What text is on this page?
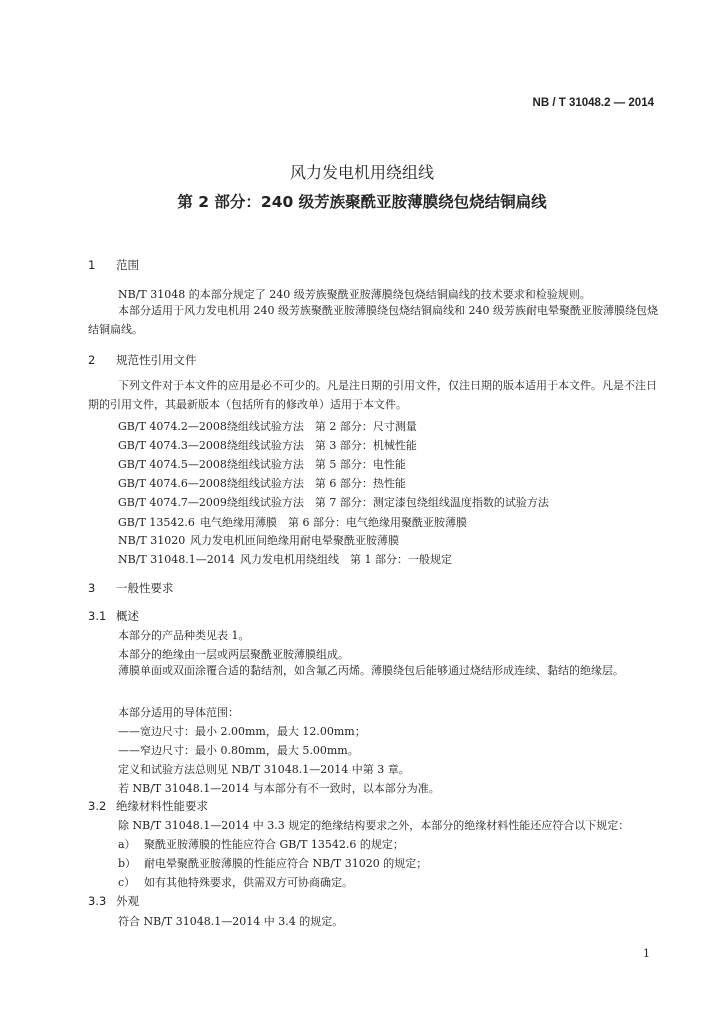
NB / T 31048.2 — 2014

风力发电机用绕组线

第 2 部分：240 级芳族聚酰亚胺薄膜绕包烧结铜扁线

1 范围

NB/T 31048 的本部分规定了 240 级芳族聚酰亚胺薄膜绕包烧结铜扁线的技术要求和检验规则。

本部分适用于风力发电机用 240 级芳族聚酰亚胺薄膜绕包烧结铜扁线和 240 级芳族耐电晕聚酰亚胺薄膜绕包烧结铜扁线。

2 规范性引用文件

下列文件对于本文件的应用是必不可少的。凡是注日期的引用文件，仅注日期的版本适用于本文件。凡是不注日期的引用文件，其最新版本（包括所有的修改单）适用于本文件。

GB/T 4074.2—2008绕组线试验方法　第 2 部分：尺寸测量

GB/T 4074.3—2008绕组线试验方法　第 3 部分：机械性能

GB/T 4074.5—2008绕组线试验方法　第 5 部分：电性能

GB/T 4074.6—2008绕组线试验方法　第 6 部分：热性能

GB/T 4074.7—2009绕组线试验方法　第 7 部分：测定漆包绕组线温度指数的试验方法

GB/T 13542.6 电气绝缘用薄膜　第 6 部分：电气绝缘用聚酰亚胺薄膜

NB/T 31020 风力发电机匝间绝缘用耐电晕聚酰亚胺薄膜

NB/T 31048.1—2014 风力发电机用绕组线　第 1 部分：一般规定

3 一般性要求

3.1 概述

本部分的产品种类见表 1。

本部分的绝缘由一层或两层聚酰亚胺薄膜组成。

薄膜单面或双面涂覆合适的黏结剂，如含氟乙丙烯。薄膜绕包后能够通过烧结形成连续、黏结的绝缘层。

本部分适用的导体范围：

——宽边尺寸：最小 2.00mm，最大 12.00mm；

——窄边尺寸：最小 0.80mm，最大 5.00mm。

定义和试验方法总则见 NB/T 31048.1—2014 中第 3 章。

若 NB/T 31048.1—2014 与本部分有不一致时，以本部分为准。

3.2 绝缘材料性能要求

除 NB/T 31048.1—2014 中 3.3 规定的绝缘结构要求之外，本部分的绝缘材料性能还应符合以下规定：

a） 聚酰亚胺薄膜的性能应符合 GB/T 13542.6 的规定；

b） 耐电晕聚酰亚胺薄膜的性能应符合 NB/T 31020 的规定；

c） 如有其他特殊要求，供需双方可协商确定。

3.3 外观

符合 NB/T 31048.1—2014 中 3.4 的规定。

1
